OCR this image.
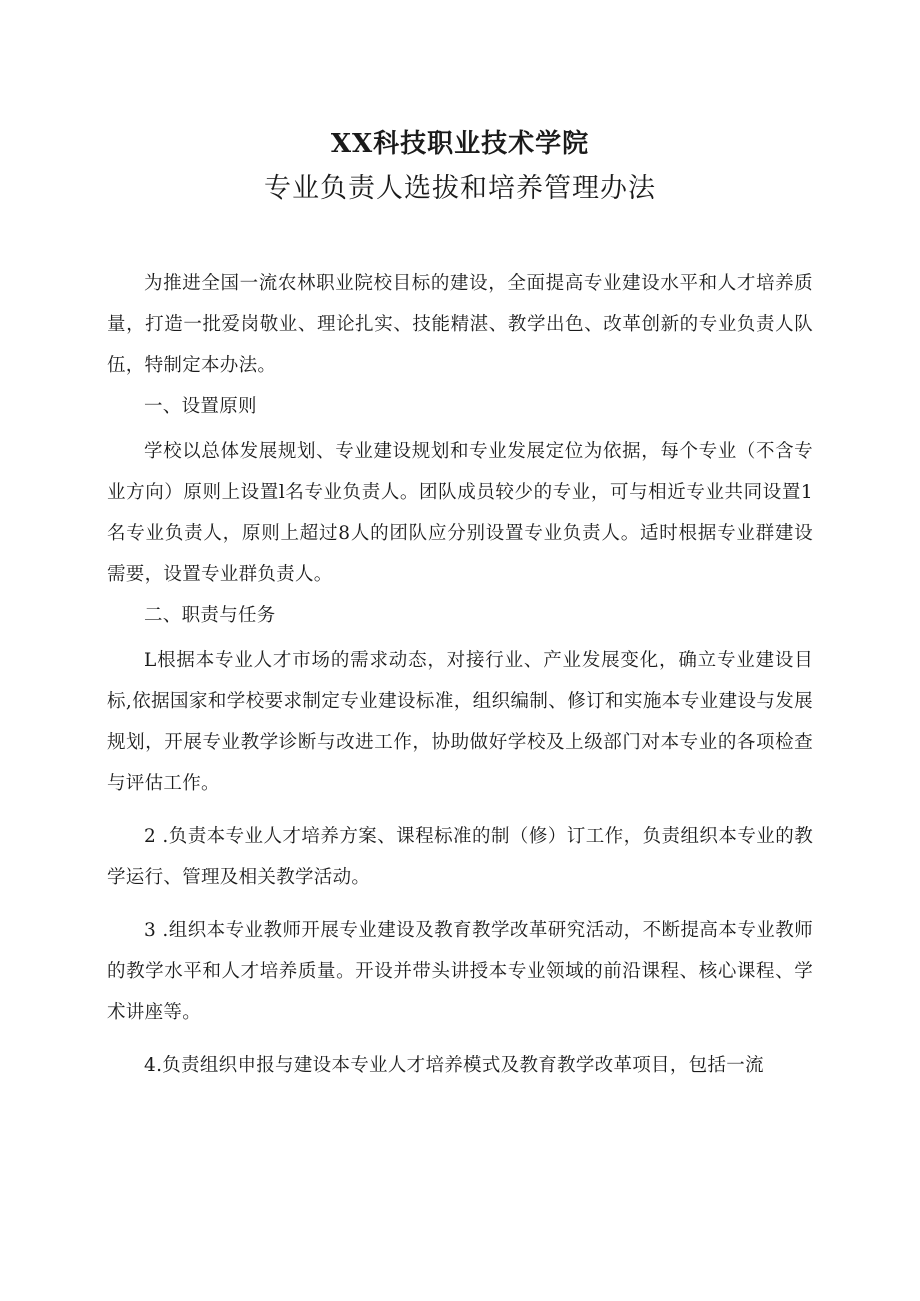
XX科技职业技术学院
专业负责人选拔和培养管理办法

为推进全国一流农林职业院校目标的建设，全面提高专业建设水平和人才培养质量，打造一批爱岗敬业、理论扎实、技能精湛、教学出色、改革创新的专业负责人队伍，特制定本办法。

一、设置原则

学校以总体发展规划、专业建设规划和专业发展定位为依据，每个专业（不含专业方向）原则上设置l名专业负责人。团队成员较少的专业，可与相近专业共同设置1名专业负责人，原则上超过8人的团队应分别设置专业负责人。适时根据专业群建设需要，设置专业群负责人。

二、职责与任务

L根据本专业人才市场的需求动态，对接行业、产业发展变化，确立专业建设目标,依据国家和学校要求制定专业建设标准，组织编制、修订和实施本专业建设与发展规划，开展专业教学诊断与改进工作，协助做好学校及上级部门对本专业的各项检查与评估工作。

2 .负责本专业人才培养方案、课程标准的制（修）订工作，负责组织本专业的教学运行、管理及相关教学活动。

3 .组织本专业教师开展专业建设及教育教学改革研究活动，不断提高本专业教师的教学水平和人才培养质量。开设并带头讲授本专业领域的前沿课程、核心课程、学术讲座等。

4.负责组织申报与建设本专业人才培养模式及教育教学改革项目，包括一流
